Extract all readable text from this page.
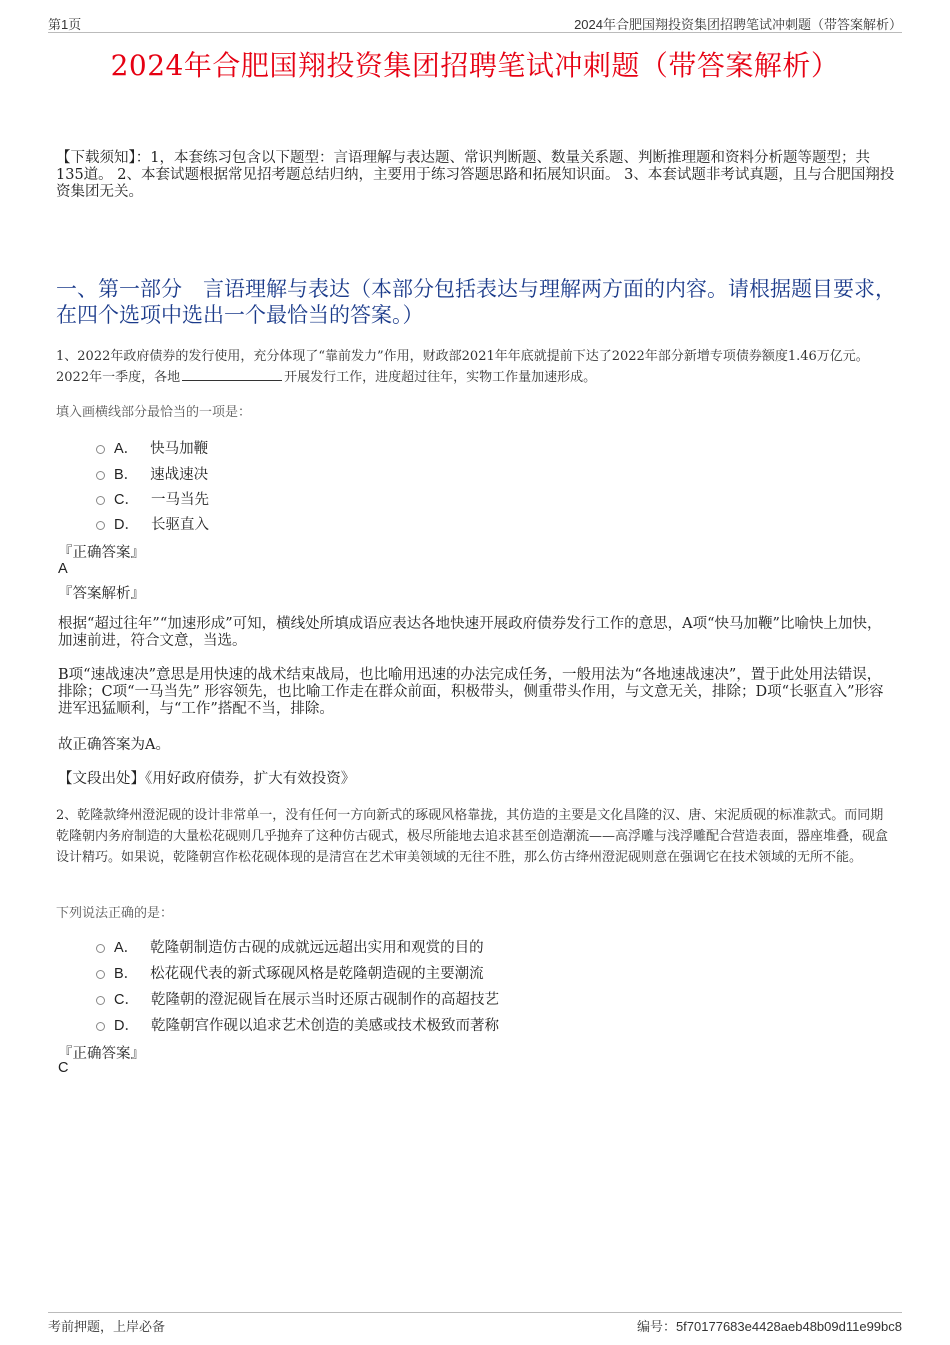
第1页	2024年合肥国翔投资集团招聘笔试冲刺题（带答案解析）
2024年合肥国翔投资集团招聘笔试冲刺题（带答案解析）
【下载须知】：1，本套练习包含以下题型：言语理解与表达题、常识判断题、数量关系题、判断推理题和资料分析题等题型；共135道。 2、本套试题根据常见招考题总结归纳，主要用于练习答题思路和拓展知识面。 3、本套试题非考试真题，且与合肥国翔投资集团无关。
一、第一部分　言语理解与表达（本部分包括表达与理解两方面的内容。请根据题目要求，在四个选项中选出一个最恰当的答案。）
1、2022年政府债券的发行使用，充分体现了“靠前发力”作用，财政部2021年年底就提前下达了2022年部分新增专项债券额度1.46万亿元。
2022年一季度，各地	开展发行工作，进度超过往年，实物工作量加速形成。
填入画横线部分最恰当的一项是：
A． 快马加鞭
B． 速战速决
C． 一马当先
D． 长驱直入
『正确答案』
A
『答案解析』
根据“超过往年”“加速形成”可知，横线处所填成语应表达各地快速开展政府债券发行工作的意思，A项“快马加鞭”比喻快上加快，加速前进，符合文意，当选。
B项“速战速决”意思是用快速的战术结束战局，也比喻用迅速的办法完成任务，一般用法为“各地速战速决”，置于此处用法错误，排除；C项“一马当先” 形容领先，也比喻工作走在群众前面，积极带头，侧重带头作用，与文意无关，排除；D项“长驱直入”形容进军迅猛顺利，与“工作”搭配不当，排除。
故正确答案为A。
【文段出处】《用好政府债券，扩大有效投资》
2、乾隆款绛州澄泥砚的设计非常单一，没有任何一方向新式的琢砚风格靠拢，其仿造的主要是文化昌隆的汉、唐、宋泥质砚的标准款式。而同期乾隆朝内务府制造的大量松花砚则几乎抛弃了这种仿古砚式，极尽所能地去追求甚至创造潮流——高浮雕与浅浮雕配合营造表面，器座堆叠，砚盒设计精巧。如果说，乾隆朝宫作松花砚体现的是清宫在艺术审美领域的无往不胜，那么仿古绛州澄泥砚则意在强调它在技术领域的无所不能。
下列说法正确的是：
A． 乾隆朝制造仿古砚的成就远远超出实用和观赏的目的
B． 松花砚代表的新式琢砚风格是乾隆朝造砚的主要潮流
C． 乾隆朝的澄泥砚旨在展示当时还原古砚制作的高超技艺
D． 乾隆朝宫作砚以追求艺术创造的美感或技术极致而著称
『正确答案』
C
考前押题，上岸必备	编号：5f70177683e4428aeb48b09d11e99bc8
